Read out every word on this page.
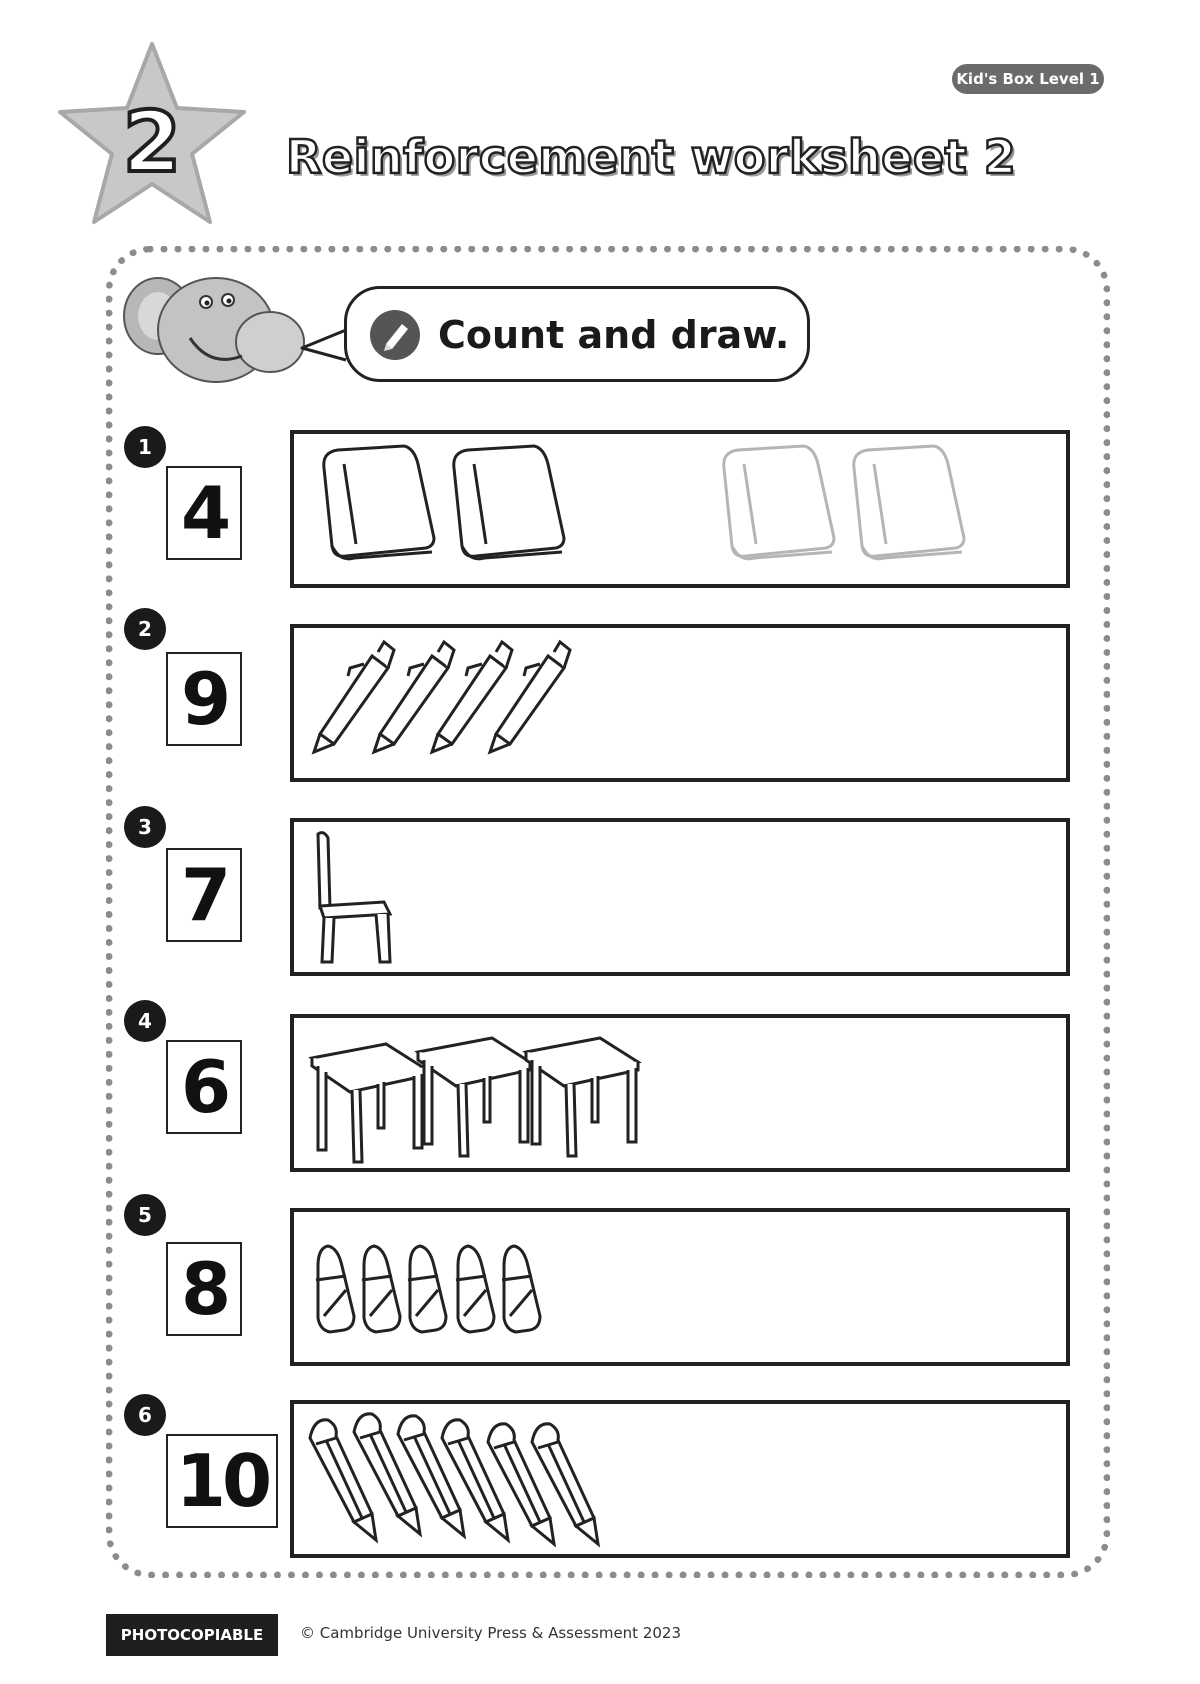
2
Kid's Box Level 1
Reinforcement worksheet 2
Count and draw.
1
4
2
9
3
7
4
6
5
8
6
10
PHOTOCOPIABLE	© Cambridge University Press & Assessment 2023
